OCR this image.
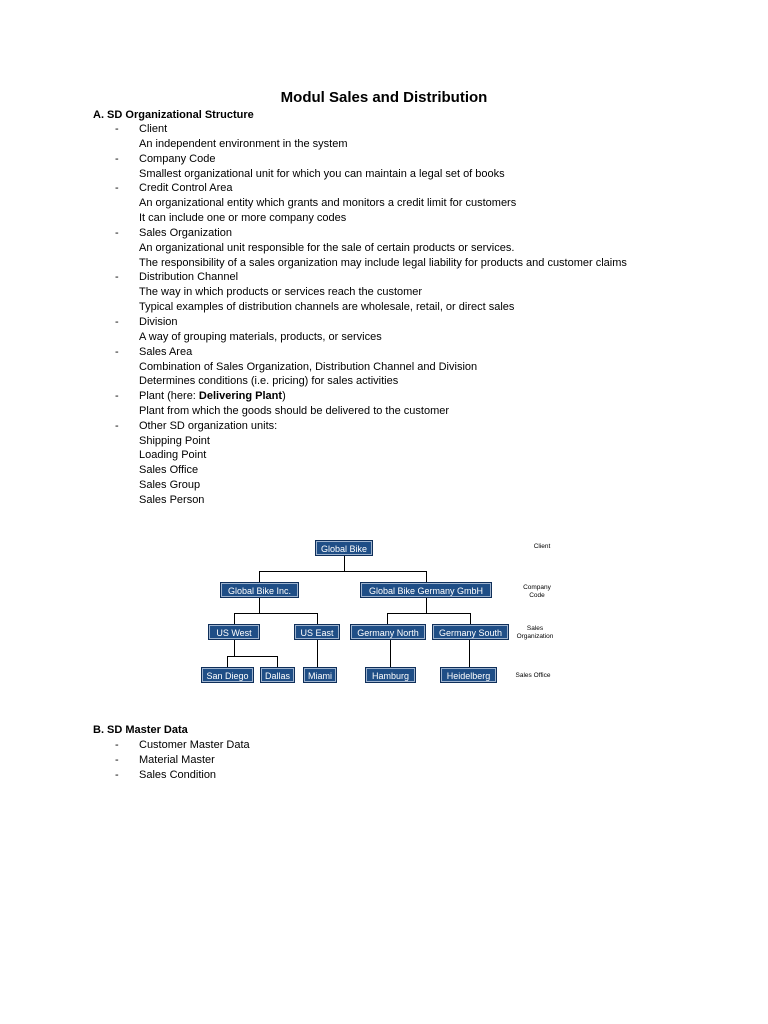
Modul Sales and Distribution
A. SD Organizational Structure
- Client
An independent environment in the system
- Company Code
Smallest organizational unit for which you can maintain a legal set of books
- Credit Control Area
An organizational entity which grants and monitors a credit limit for customers
It can include one or more company codes
- Sales Organization
An organizational unit responsible for the sale of certain products or services.
The responsibility of a sales organization may include legal liability for products and customer claims
- Distribution Channel
The way in which products or services reach the customer
Typical examples of distribution channels are wholesale, retail, or direct sales
- Division
A way of grouping materials, products, or services
- Sales Area
Combination of Sales Organization, Distribution Channel and Division
Determines conditions (i.e. pricing) for sales activities
- Plant (here: Delivering Plant)
Plant from which the goods should be delivered to the customer
- Other SD organization units:
Shipping Point
Loading Point
Sales Office
Sales Group
Sales Person
Global Bike
Global Bike Inc.	Global Bike Germany GmbH
US West	US East	Germany North	Germany South
San Diego	Dallas	Miami	Hamburg	Heidelberg
Client
Company
Code
Sales
Organization
Sales Office
B. SD Master Data
- Customer Master Data
- Material Master
- Sales Condition
